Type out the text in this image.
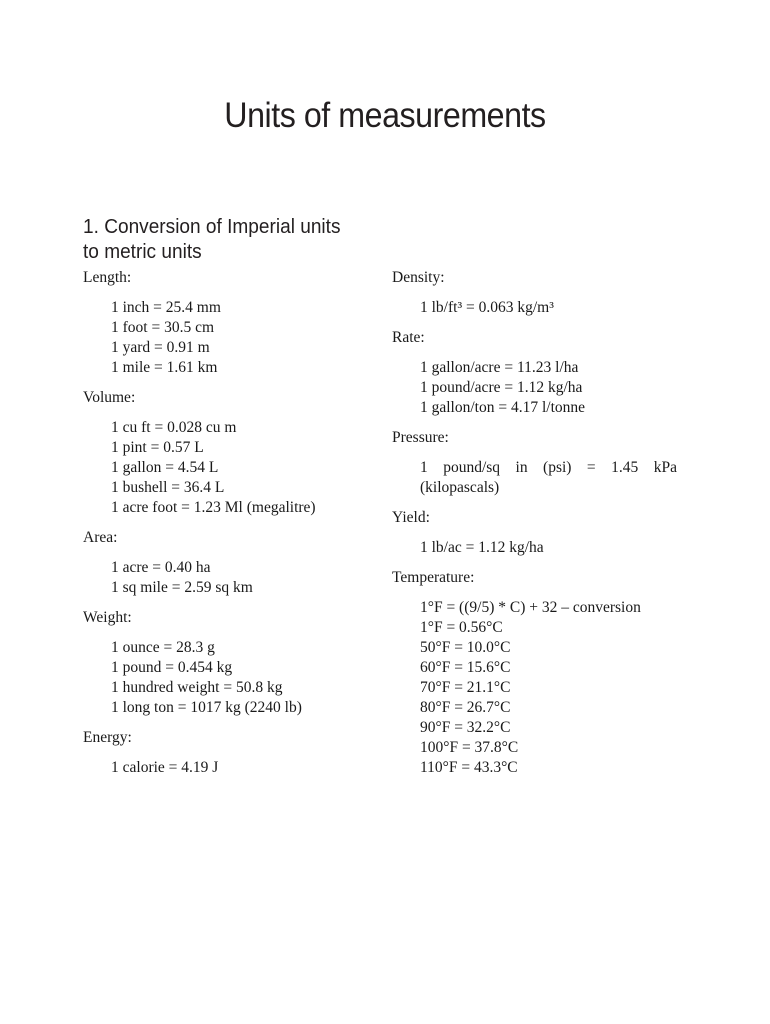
Units of measurements
1. Conversion of Imperial units
to metric units

Length:

1 inch = 25.4 mm
1 foot = 30.5 cm
1 yard = 0.91 m
1 mile = 1.61 km

Volume:

1 cu ft = 0.028 cu m
1 pint = 0.57 L
1 gallon = 4.54 L
1 bushell = 36.4 L
1 acre foot = 1.23 Ml (megalitre)

Area:

1 acre = 0.40 ha
1 sq mile = 2.59 sq km

Weight:

1 ounce = 28.3 g
1 pound = 0.454 kg
1 hundred weight = 50.8 kg
1 long ton = 1017 kg (2240 lb)

Energy:

1 calorie = 4.19 J

Density:

1 lb/ft³ = 0.063 kg/m³

Rate:

1 gallon/acre = 11.23 l/ha
1 pound/acre = 1.12 kg/ha
1 gallon/ton = 4.17 l/tonne

Pressure:

1 pound/sq in (psi) = 1.45 kPa (kilopascals)

Yield:

1 lb/ac = 1.12 kg/ha

Temperature:

1°F = ((9/5) * C) + 32 – conversion
1°F = 0.56°C
50°F = 10.0°C
60°F = 15.6°C
70°F = 21.1°C
80°F = 26.7°C
90°F = 32.2°C
100°F = 37.8°C
110°F = 43.3°C
